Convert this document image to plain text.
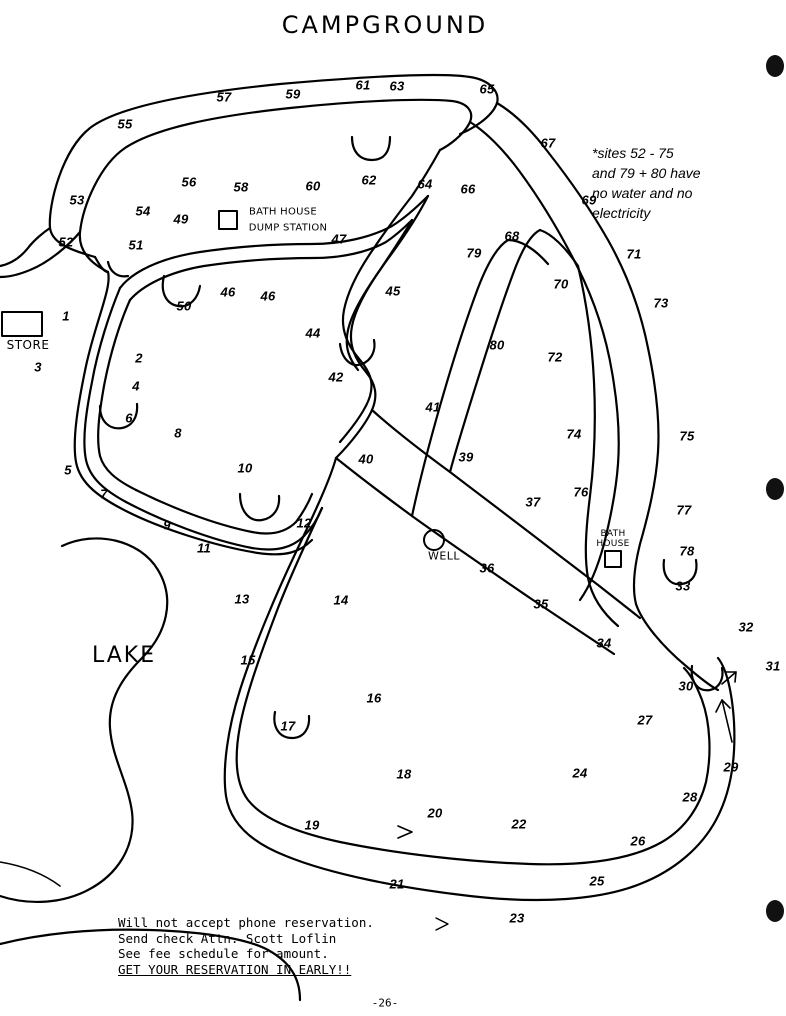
CAMPGROUND
LAKE
STORE
WELL
BATH HOUSE
DUMP STATION
BATH
HOUSE
*sites 52 - 75
and 79 + 80 have
no water and no
electricity
Will not accept phone reservation.
Send check Attn. Scott Loflin
See fee schedule for amount.
GET YOUR RESERVATION IN EARLY!!
-26-
1
2
3
4
6
8
5
7
9
10
11
12
13	14
15
16
17
18
19
20
21
22
23
24
25
26
27
28
29
30
31
32
33
34
35
36
37
39
40
41
42
44
45
46 46
47
49
50
51
52
53
54
55
56
57
58
59
60
61
62
63
64
65
66
67
68
69
70
71
72
73
74	75
76
77
78
79
80
